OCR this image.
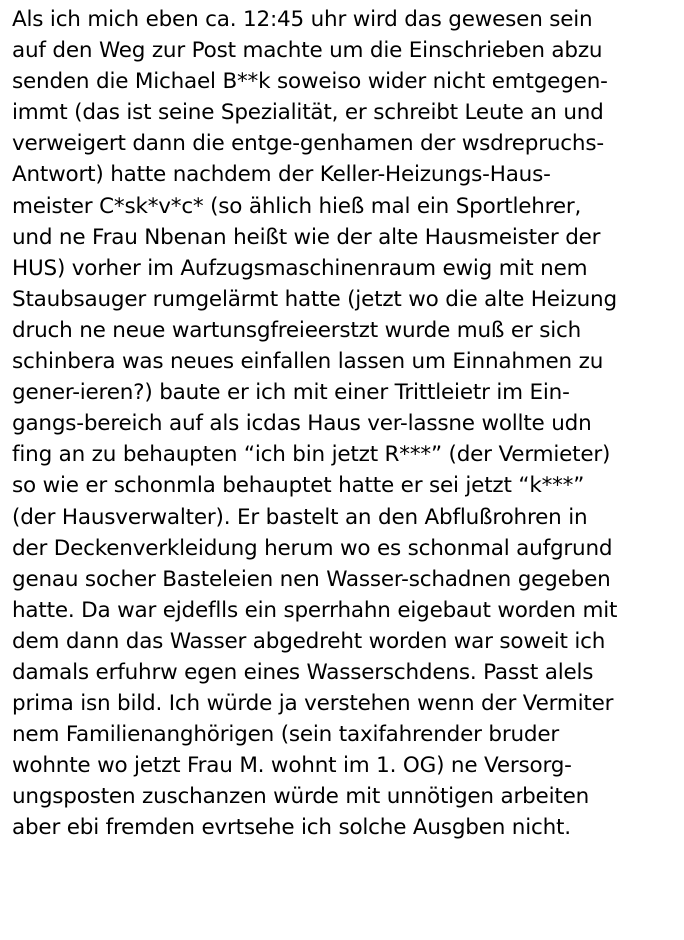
Als ich mich eben ca. 12:45 uhr wird das gewesen sein
auf den Weg zur Post machte um die Einschrieben abzu
senden die Michael B**k soweiso wider nicht emtgegen-
immt (das ist seine Spezialität, er schreibt Leute an und
verweigert dann die entge-genhamen der wsdrepruchs-
Antwort) hatte nachdem der Keller-Heizungs-Haus-
meister C*sk*v*c* (so ählich hieß mal ein Sportlehrer,
und ne Frau Nbenan heißt wie der alte Hausmeister der
HUS) vorher im Aufzugsmaschinenraum ewig mit nem
Staubsauger rumgelärmt hatte (jetzt wo die alte Heizung
druch ne neue wartunsgfreieerstzt wurde muß er sich
schinbera was neues einfallen lassen um Einnahmen zu
gener-ieren?) baute er ich mit einer Trittleietr im Ein-
gangs-bereich auf als icdas Haus ver-lassne wollte udn
fing an zu behaupten “ich bin jetzt R***” (der Vermieter)
so wie er schonmla behauptet hatte er sei jetzt “k***”
(der Hausverwalter). Er bastelt an den Abflußrohren in
der Deckenverkleidung herum wo es schonmal aufgrund
genau socher Basteleien nen Wasser-schadnen gegeben
hatte. Da war ejdeflls ein sperrhahn eigebaut worden mit
dem dann das Wasser abgedreht worden war soweit ich
damals erfuhrw egen eines Wasserschdens. Passt alels
prima isn bild. Ich würde ja verstehen wenn der Vermiter
nem Familienanghörigen (sein taxifahrender bruder
wohnte wo jetzt Frau M. wohnt im 1. OG) ne Versorg-
ungsposten zuschanzen würde mit unnötigen arbeiten
aber ebi fremden evrtsehe ich solche Ausgben nicht.
